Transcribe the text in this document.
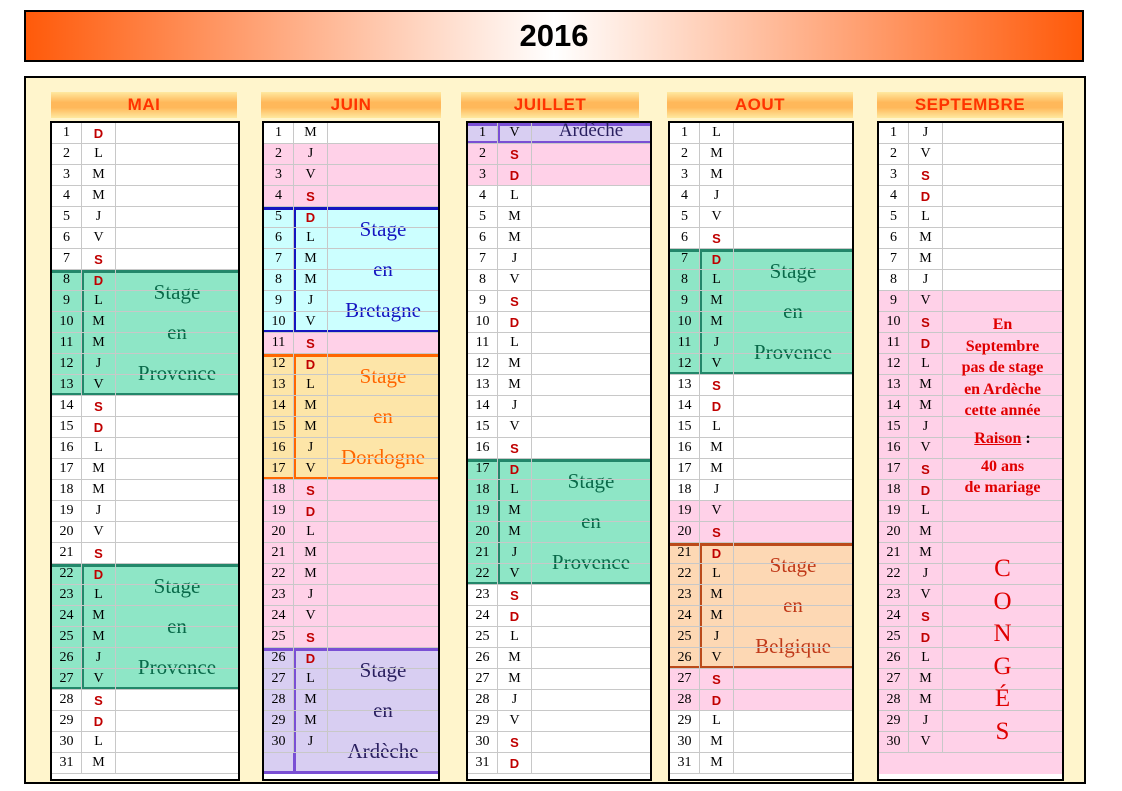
2016
MAI
Stage
en
Provence
Stage
en
Provence
1	D
2	L
3	M
4	M
5	J
6	V
7	S
8	D
9	L
10	M
11	M
12	J
13	V
14	S
15	D
16	L
17	M
18	M
19	J
20	V
21	S
22	D
23	L
24	M
25	M
26	J
27	V
28	S
29	D
30	L
31	M
JUIN
Stage
en
Bretagne
Stage
en
Dordogne
Stage
en
Ardèche
1	M
2	J
3	V
4	S
5	D
6	L
7	M
8	M
9	J
10	V
11	S
12	D
13	L
14	M
15	M
16	J
17	V
18	S
19	D
20	L
21	M
22	M
23	J
24	V
25	S
26	D
27	L
28	M
29	M
30	J
JUILLET
Ardèche
Stage
en
Provence
1	V
2	S
3	D
4	L
5	M
6	M
7	J
8	V
9	S
10	D
11	L
12	M
13	M
14	J
15	V
16	S
17	D
18	L
19	M
20	M
21	J
22	V
23	S
24	D
25	L
26	M
27	M
28	J
29	V
30	S
31	D
AOUT
Stage
en
Provence
Stage
en
Belgique
1	L
2	M
3	M
4	J
5	V
6	S
7	D
8	L
9	M
10	M
11	J
12	V
13	S
14	D
15	L
16	M
17	M
18	J
19	V
20	S
21	D
22	L
23	M
24	M
25	J
26	V
27	S
28	D
29	L
30	M
31	M
SEPTEMBRE
1	J
2	V
3	S
4	D
5	L
6	M
7	M
8	J
9	V
10	S
11	D
12	L
13	M
14	M
15	J
16	V
17	S
18	D
19	L
20	M
21	M
22	J
23	V
24	S
25	D
26	L
27	M
28	M
29	J
30	V
En
Septembre
pas de stage
en Ardèche
cette année
Raison :
40 ans
de mariage
C
O
N
G
É
S
